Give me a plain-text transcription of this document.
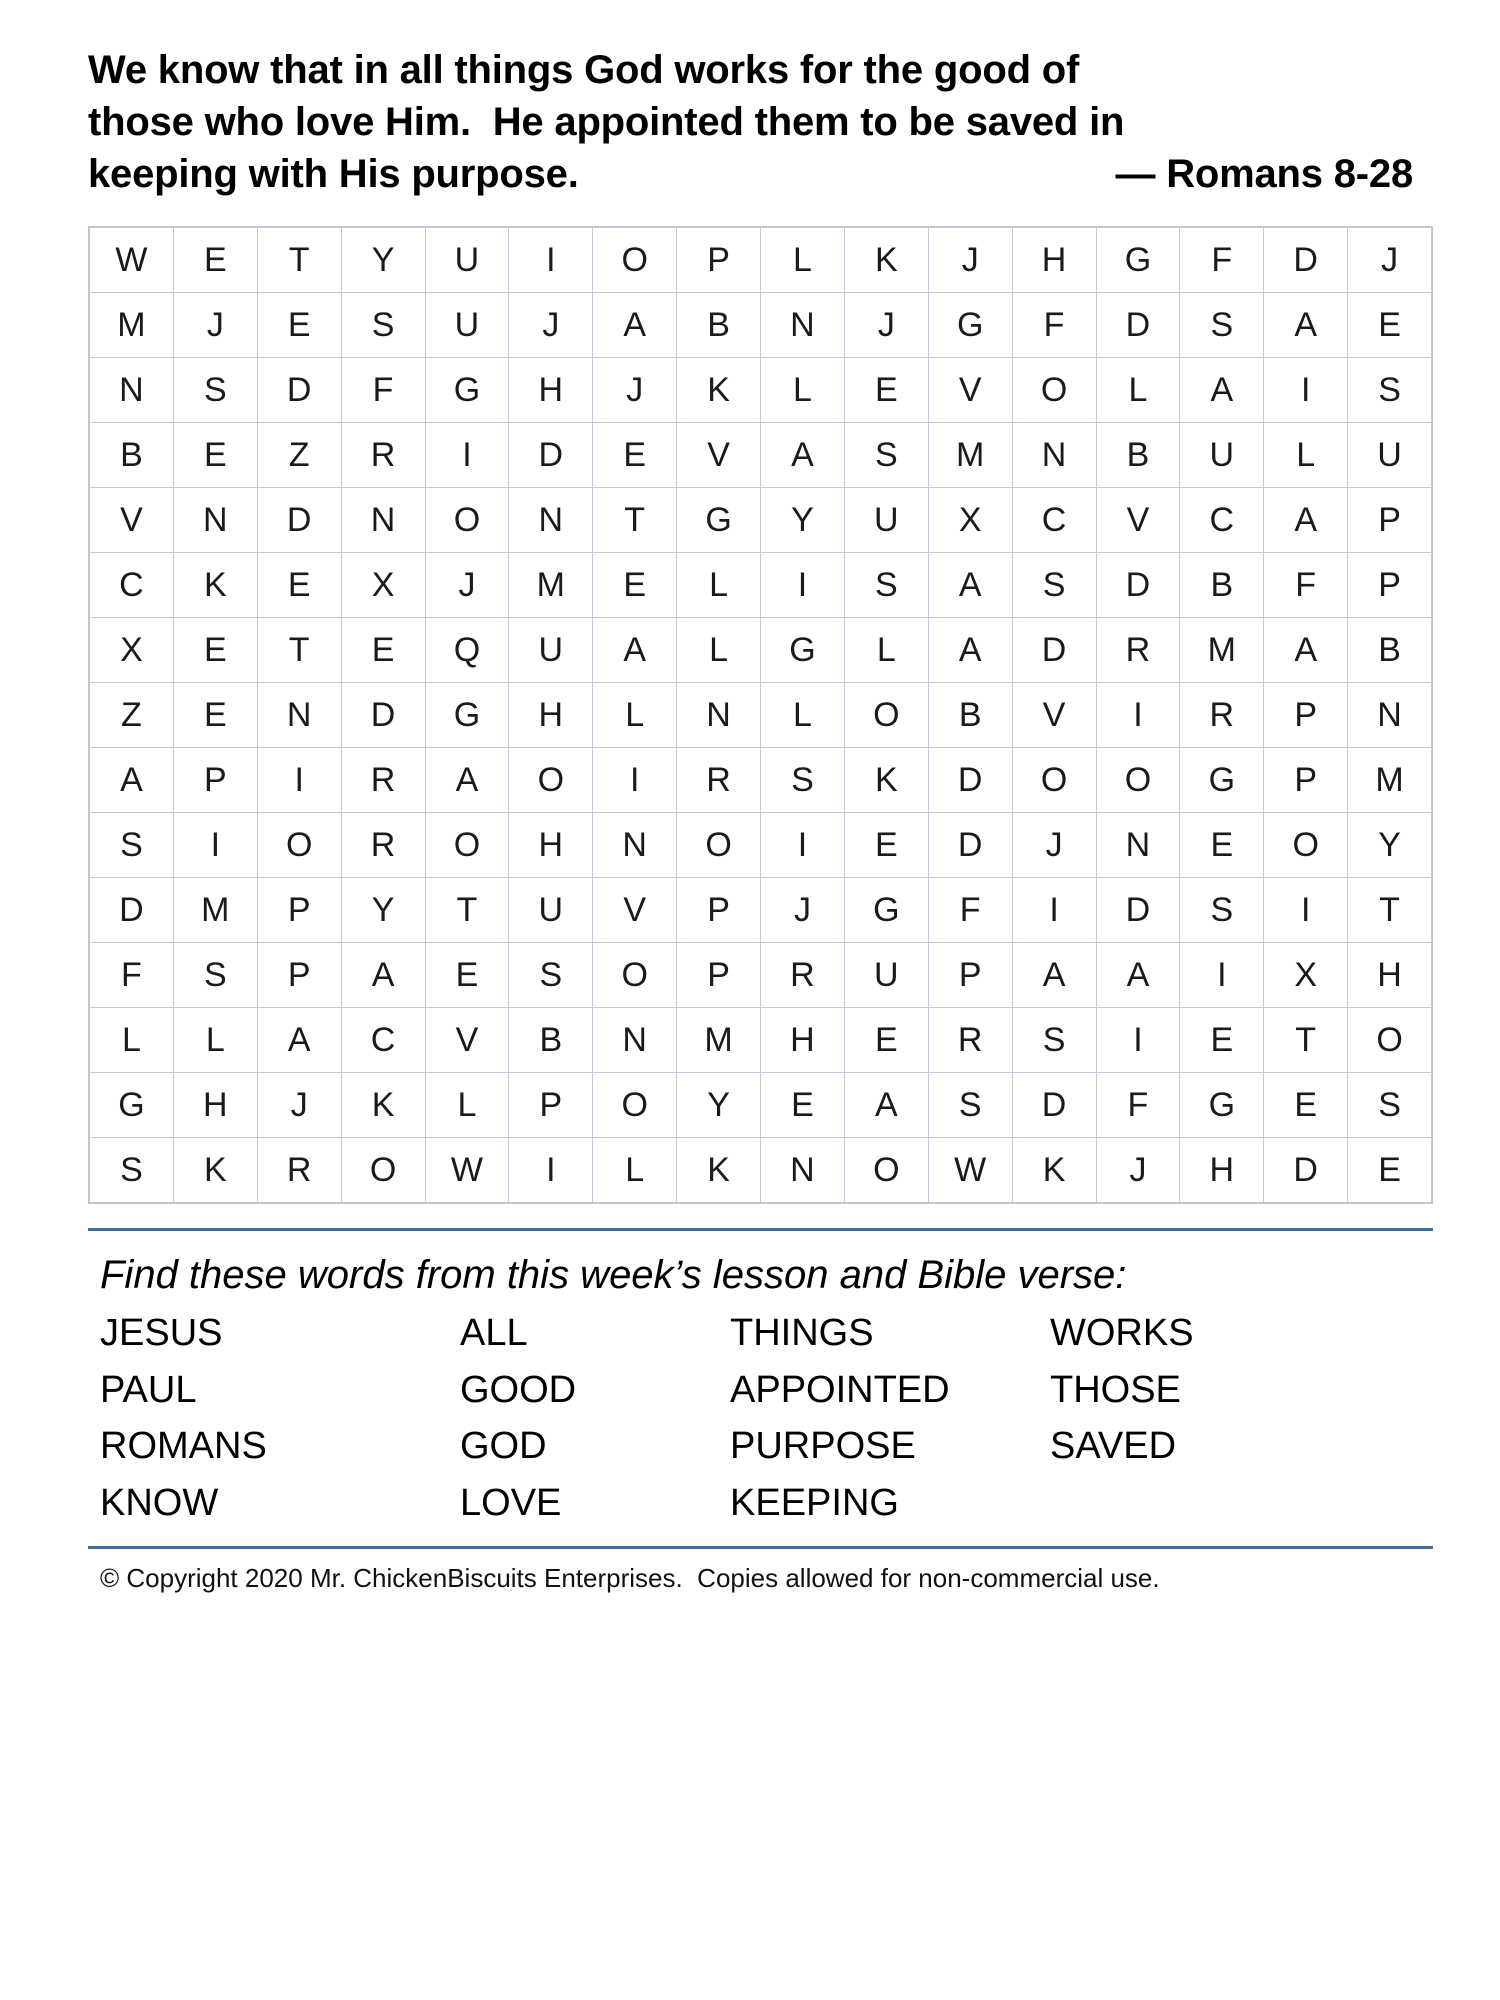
We know that in all things God works for the good of
those who love Him.  He appointed them to be saved in
keeping with His purpose.	— Romans 8-28
W	E	T	Y	U	I	O	P	L	K	J	H	G	F	D	J
M	J	E	S	U	J	A	B	N	J	G	F	D	S	A	E
N	S	D	F	G	H	J	K	L	E	V	O	L	A	I	S
B	E	Z	R	I	D	E	V	A	S	M	N	B	U	L	U
V	N	D	N	O	N	T	G	Y	U	X	C	V	C	A	P
C	K	E	X	J	M	E	L	I	S	A	S	D	B	F	P
X	E	T	E	Q	U	A	L	G	L	A	D	R	M	A	B
Z	E	N	D	G	H	L	N	L	O	B	V	I	R	P	N
A	P	I	R	A	O	I	R	S	K	D	O	O	G	P	M
S	I	O	R	O	H	N	O	I	E	D	J	N	E	O	Y
D	M	P	Y	T	U	V	P	J	G	F	I	D	S	I	T
F	S	P	A	E	S	O	P	R	U	P	A	A	I	X	H
L	L	A	C	V	B	N	M	H	E	R	S	I	E	T	O
G	H	J	K	L	P	O	Y	E	A	S	D	F	G	E	S
S	K	R	O	W	I	L	K	N	O	W	K	J	H	D	E
Find these words from this week’s lesson and Bible verse:
JESUS	ALL	THINGS	WORKS
PAUL	GOOD	APPOINTED	THOSE
ROMANS	GOD	PURPOSE	SAVED
KNOW	LOVE	KEEPING
© Copyright 2020 Mr. ChickenBiscuits Enterprises.  Copies allowed for non-commercial use.
